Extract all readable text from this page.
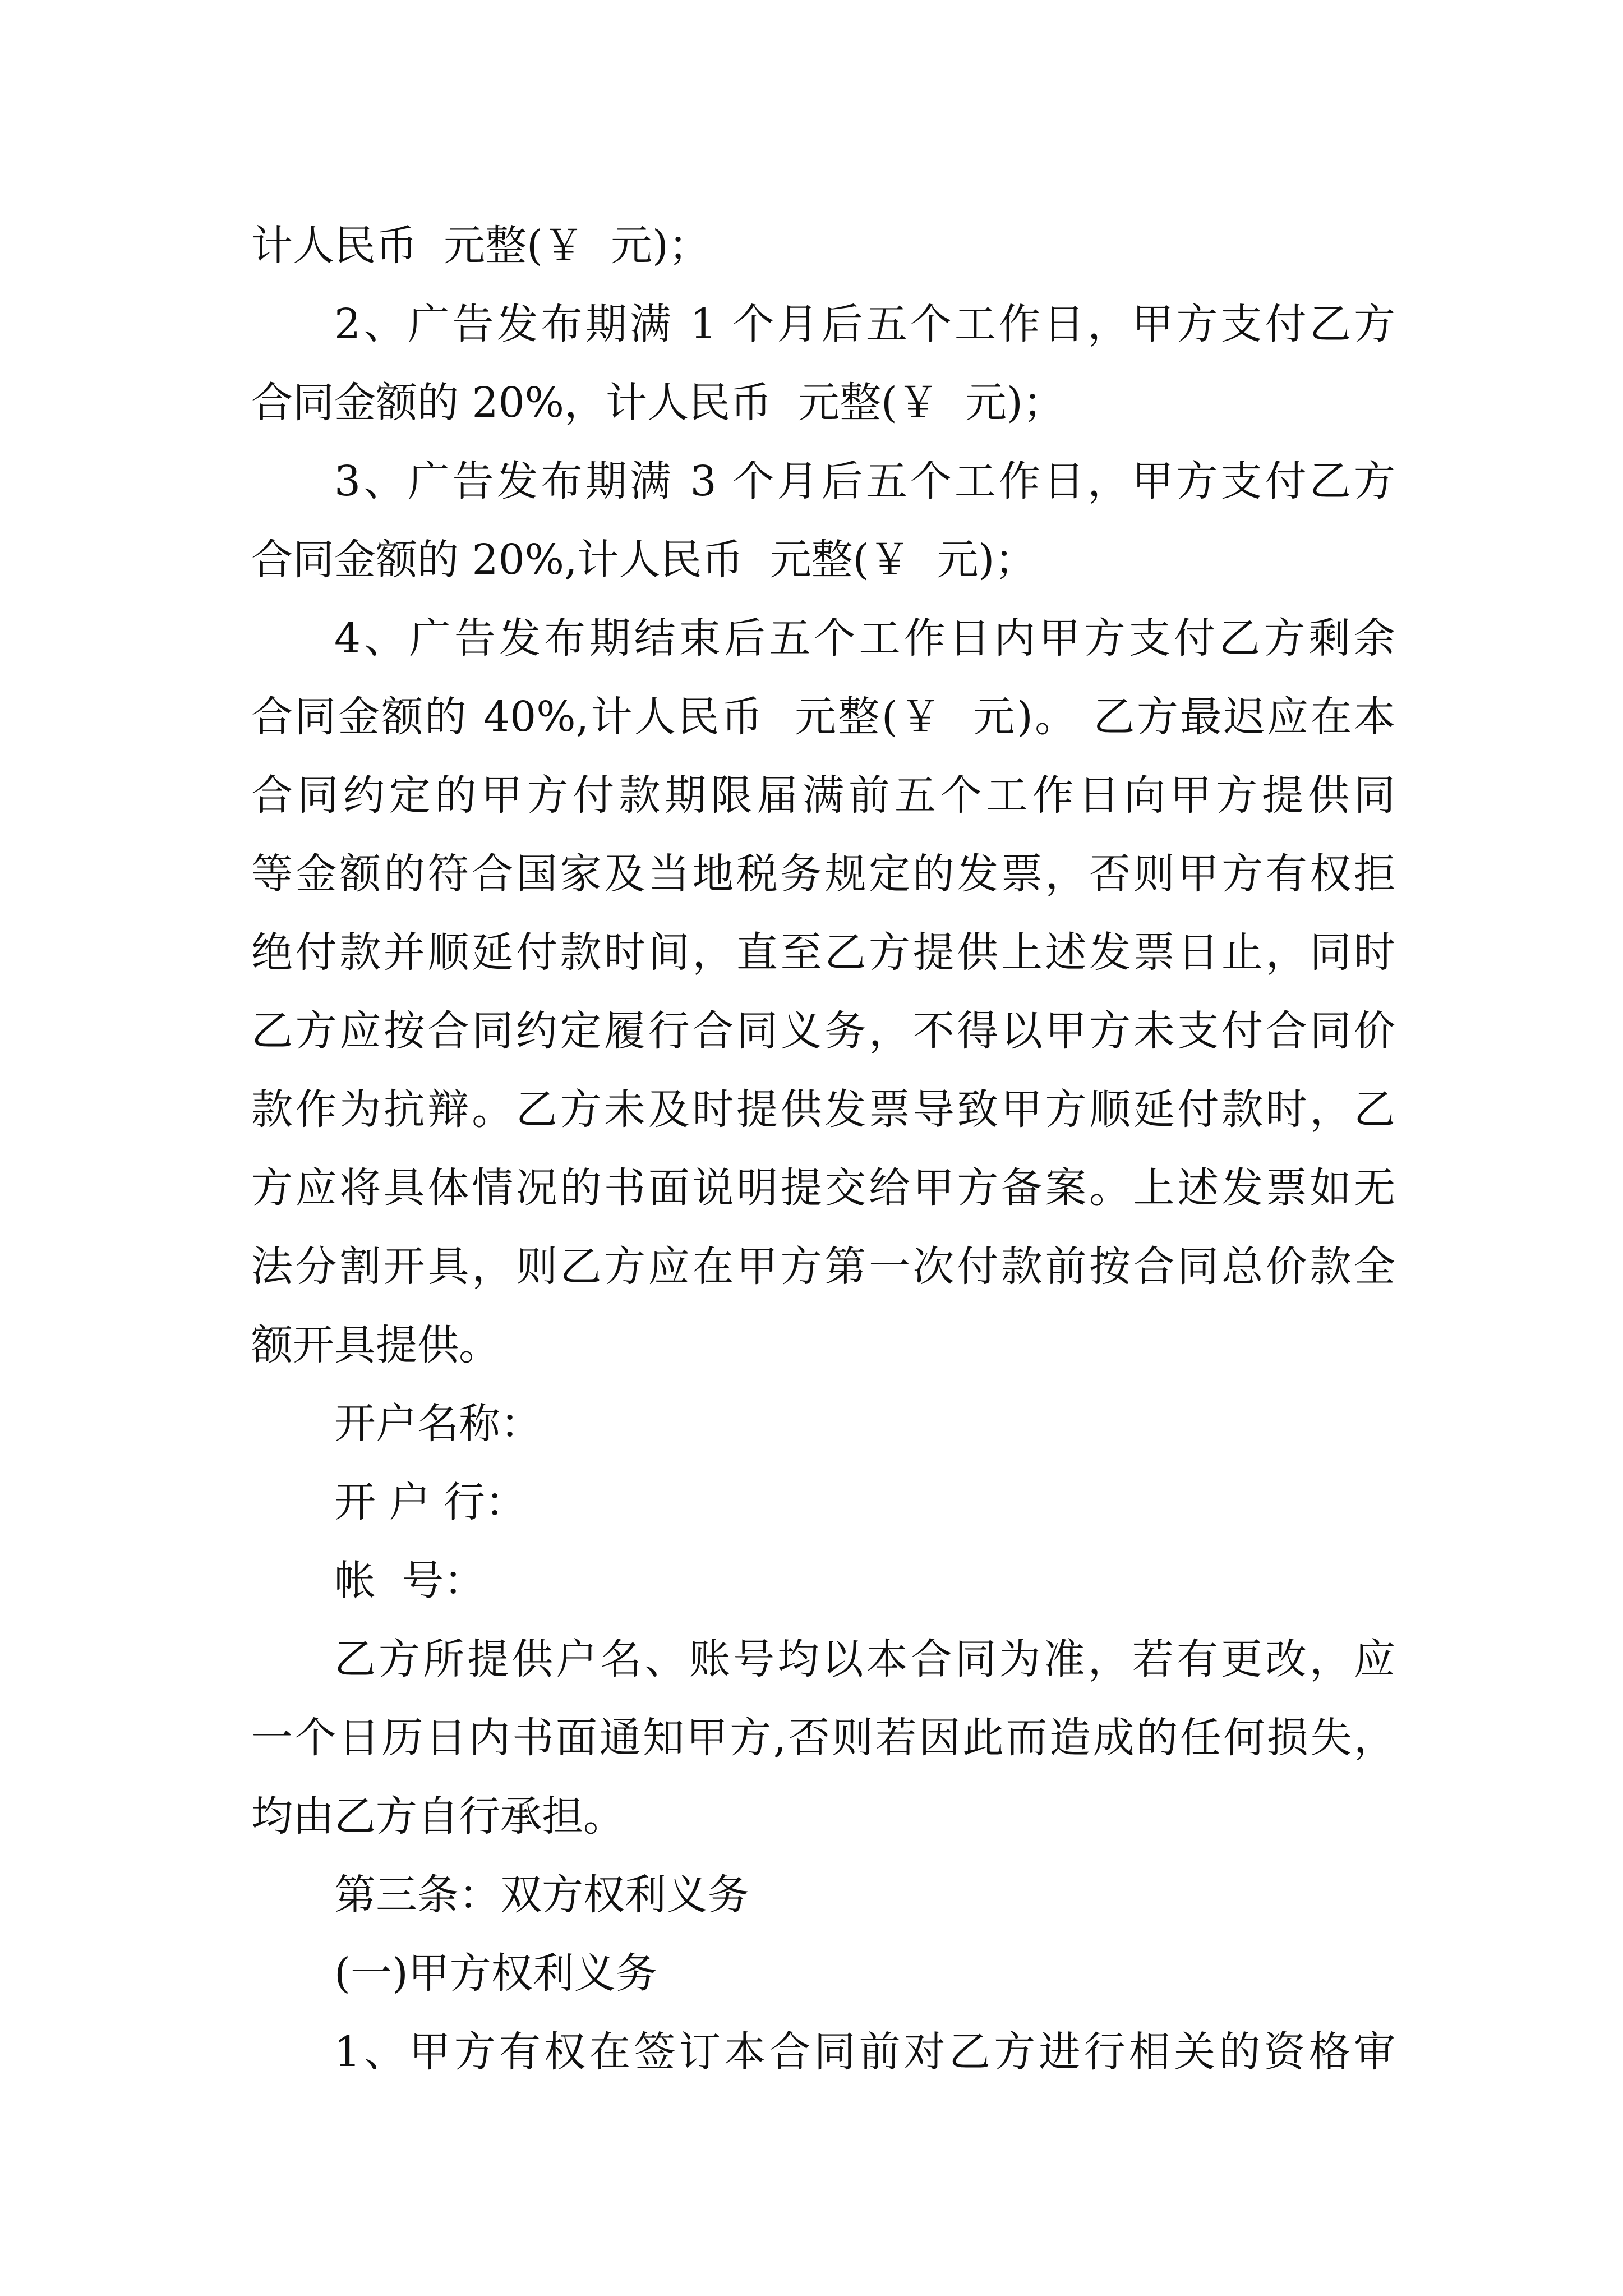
计人民币  元整(￥  元)；
2、广告发布期满 1 个月后五个工作日，甲方支付乙方
合同金额的 20%，计人民币  元整(￥  元)；
3、广告发布期满 3 个月后五个工作日，甲方支付乙方
合同金额的 20%,计人民币  元整(￥  元)；
4、广告发布期结束后五个工作日内甲方支付乙方剩余
合同金额的 40%,计人民币  元整(￥  元)。 乙方最迟应在本
合同约定的甲方付款期限届满前五个工作日向甲方提供同
等金额的符合国家及当地税务规定的发票，否则甲方有权拒
绝付款并顺延付款时间，直至乙方提供上述发票日止，同时
乙方应按合同约定履行合同义务，不得以甲方未支付合同价
款作为抗辩。乙方未及时提供发票导致甲方顺延付款时，乙
方应将具体情况的书面说明提交给甲方备案。上述发票如无
法分割开具，则乙方应在甲方第一次付款前按合同总价款全
额开具提供。
开户名称：
开 户 行：
帐  号：
乙方所提供户名、账号均以本合同为准，若有更改，应
一个日历日内书面通知甲方,否则若因此而造成的任何损失，
均由乙方自行承担。
第三条：双方权利义务
(一)甲方权利义务
1、甲方有权在签订本合同前对乙方进行相关的资格审
